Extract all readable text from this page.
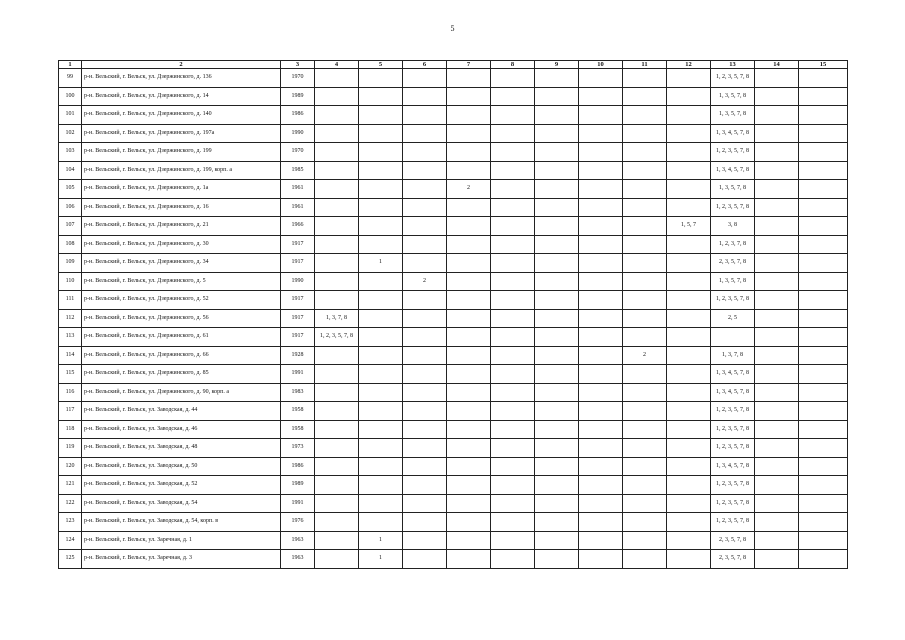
5
1	2	3	4	5	6	7	8	9	10	11	12	13	14	15
99	р-н. Вельский, г. Вельск, ул. Дзержинского, д. 136	1970										1, 2, 3, 5, 7, 8		
100	р-н. Вельский, г. Вельск, ул. Дзержинского, д. 14	1989										1, 3, 5, 7, 8		
101	р-н. Вельский, г. Вельск, ул. Дзержинского, д. 140	1986										1, 3, 5, 7, 8		
102	р-н. Вельский, г. Вельск, ул. Дзержинского, д. 197а	1990										1, 3, 4, 5, 7, 8		
103	р-н. Вельский, г. Вельск, ул. Дзержинского, д. 199	1970										1, 2, 3, 5, 7, 8		
104	р-н. Вельский, г. Вельск, ул. Дзержинского, д. 199, корп. а	1985										1, 3, 4, 5, 7, 8		
105	р-н. Вельский, г. Вельск, ул. Дзержинского, д. 1а	1961				2						1, 3, 5, 7, 8		
106	р-н. Вельский, г. Вельск, ул. Дзержинского, д. 16	1961										1, 2, 3, 5, 7, 8		
107	р-н. Вельский, г. Вельск, ул. Дзержинского, д. 21	1966									1, 5, 7	3, 8		
108	р-н. Вельский, г. Вельск, ул. Дзержинского, д. 30	1917										1, 2, 3, 7, 8		
109	р-н. Вельский, г. Вельск, ул. Дзержинского, д. 34	1917		1								2, 3, 5, 7, 8		
110	р-н. Вельский, г. Вельск, ул. Дзержинского, д. 5	1990			2							1, 3, 5, 7, 8		
111	р-н. Вельский, г. Вельск, ул. Дзержинского, д. 52	1917										1, 2, 3, 5, 7, 8		
112	р-н. Вельский, г. Вельск, ул. Дзержинского, д. 56	1917	1, 3, 7, 8									2, 5		
113	р-н. Вельский, г. Вельск, ул. Дзержинского, д. 61	1917	1, 2, 3, 5, 7, 8											
114	р-н. Вельский, г. Вельск, ул. Дзержинского, д. 66	1928								2		1, 3, 7, 8		
115	р-н. Вельский, г. Вельск, ул. Дзержинского, д. 85	1991										1, 3, 4, 5, 7, 8		
116	р-н. Вельский, г. Вельск, ул. Дзержинского, д. 90, корп. а	1983										1, 3, 4, 5, 7, 8		
117	р-н. Вельский, г. Вельск, ул. Заводская, д. 44	1958										1, 2, 3, 5, 7, 8		
118	р-н. Вельский, г. Вельск, ул. Заводская, д. 46	1958										1, 2, 3, 5, 7, 8		
119	р-н. Вельский, г. Вельск, ул. Заводская, д. 48	1973										1, 2, 3, 5, 7, 8		
120	р-н. Вельский, г. Вельск, ул. Заводская, д. 50	1986										1, 3, 4, 5, 7, 8		
121	р-н. Вельский, г. Вельск, ул. Заводская, д. 52	1989										1, 2, 3, 5, 7, 8		
122	р-н. Вельский, г. Вельск, ул. Заводская, д. 54	1991										1, 2, 3, 5, 7, 8		
123	р-н. Вельский, г. Вельск, ул. Заводская, д. 54, корп. в	1976										1, 2, 3, 5, 7, 8		
124	р-н. Вельский, г. Вельск, ул. Заречная, д. 1	1963		1								2, 3, 5, 7, 8		
125	р-н. Вельский, г. Вельск, ул. Заречная, д. 3	1963		1								2, 3, 5, 7, 8		
